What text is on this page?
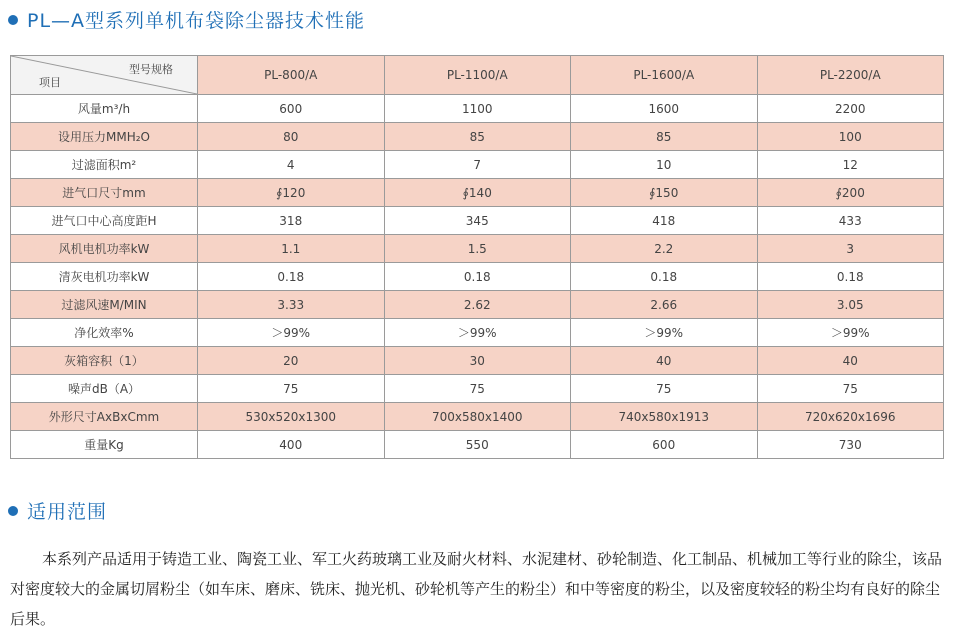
PL—A型系列单机布袋除尘器技术性能
型号规格
项目	PL-800/A	PL-1100/A	PL-1600/A	PL-2200/A
风量m³/h	600	1100	1600	2200
设用压力MMH₂O	80	85	85	100
过滤面积m²	4	7	10	12
进气口尺寸mm	∮120	∮140	∮150	∮200
进气口中心高度距H	318	345	418	433
风机电机功率kW	1.1	1.5	2.2	3
清灰电机功率kW	0.18	0.18	0.18	0.18
过滤风速M/MIN	3.33	2.62	2.66	3.05
净化效率%	＞99%	＞99%	＞99%	＞99%
灰箱容积（1）	20	30	40	40
噪声dB（A）	75	75	75	75
外形尺寸AxBxCmm	530x520x1300	700x580x1400	740x580x1913	720x620x1696
重量Kg	400	550	600	730
适用范围

本系列产品适用于铸造工业、陶瓷工业、军工火药玻璃工业及耐火材料、水泥建材、砂轮制造、化工制品、机械加工等行业的除尘，该品对密度较大的金属切屑粉尘（如车床、磨床、铣床、抛光机、砂轮机等产生的粉尘）和中等密度的粉尘，以及密度较轻的粉尘均有良好的除尘后果。
